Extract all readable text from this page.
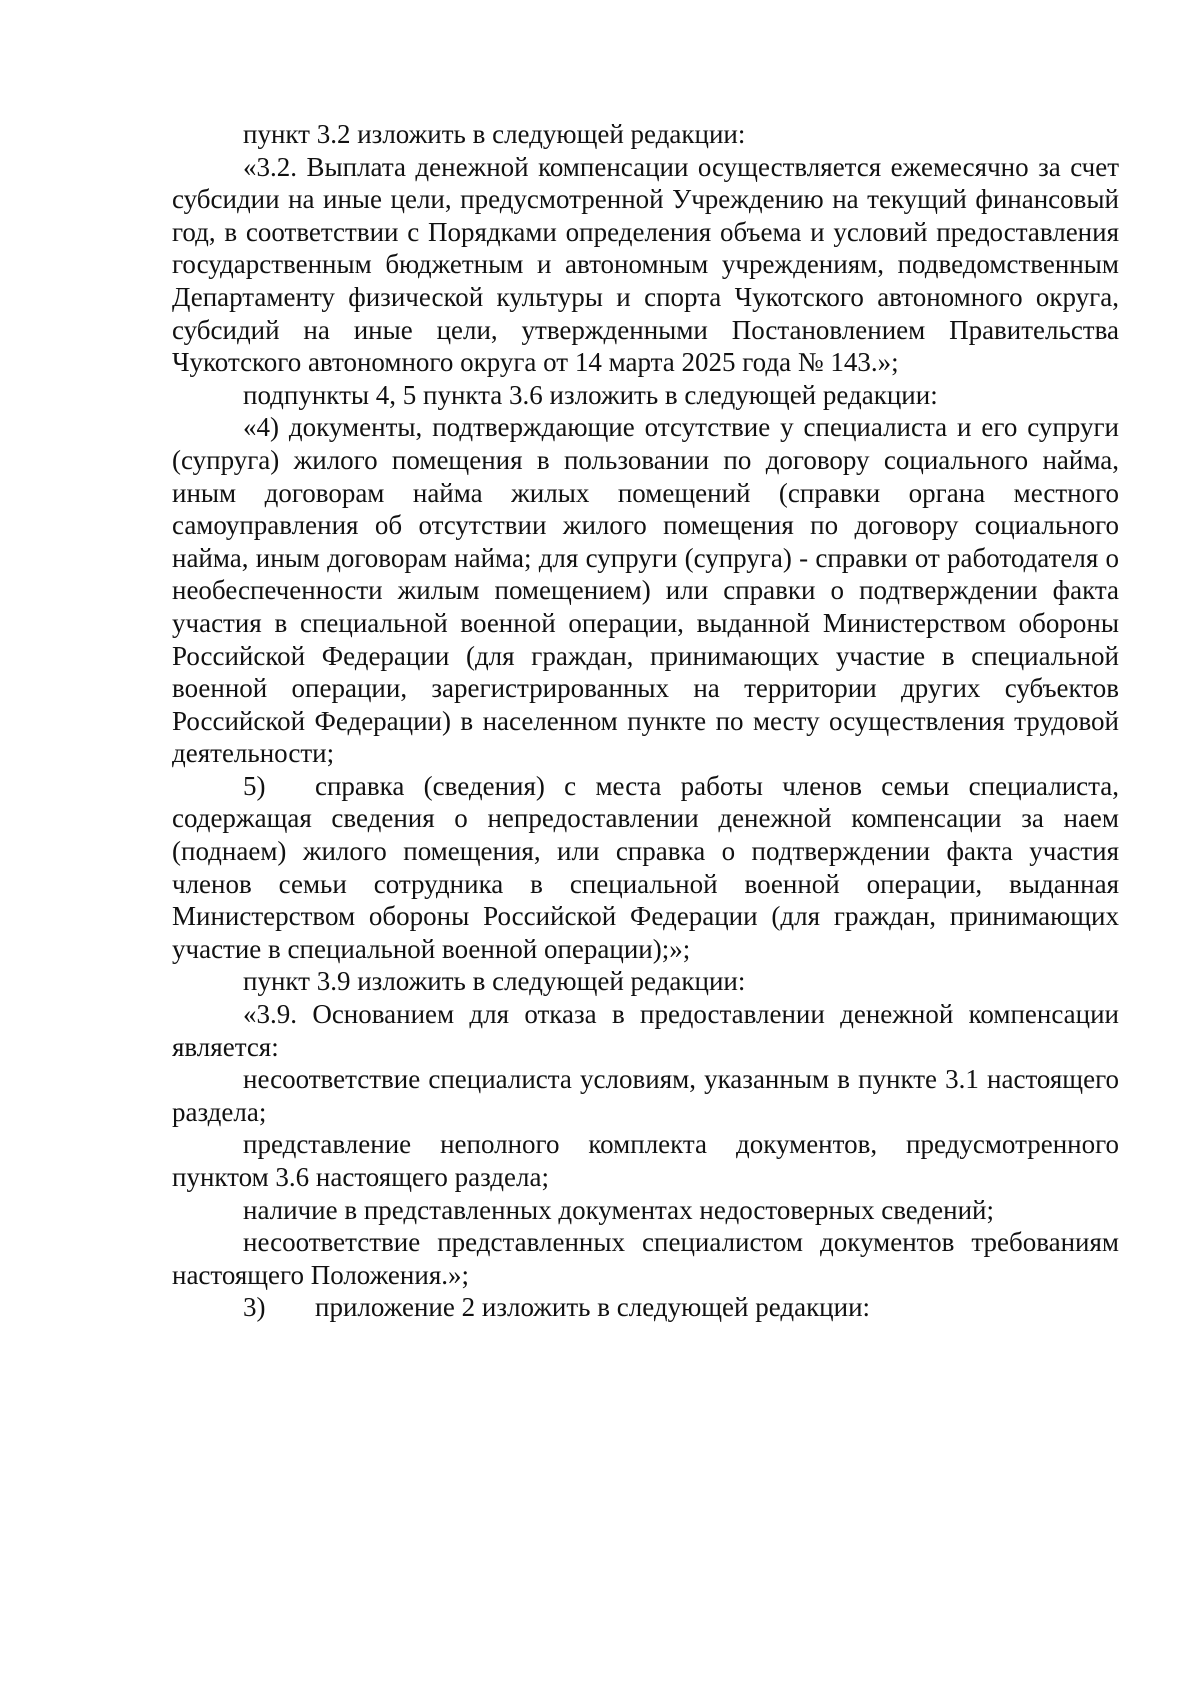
пункт 3.2 изложить в следующей редакции:

«3.2. Выплата денежной компенсации осуществляется ежемесячно за счет субсидии на иные цели, предусмотренной Учреждению на текущий финансовый год, в соответствии с Порядками определения объема и условий предоставления государственным бюджетным и автономным учреждениям, подведомственным Департаменту физической культуры и спорта Чукотского автономного округа, субсидий на иные цели, утвержденными Постановлением Правительства Чукотского автономного округа от 14 марта 2025 года № 143.»;

подпункты 4, 5 пункта 3.6 изложить в следующей редакции:

«4) документы, подтверждающие отсутствие у специалиста и его супруги (супруга) жилого помещения в пользовании по договору социального найма, иным договорам найма жилых помещений (справки органа местного самоуправления об отсутствии жилого помещения по договору социального найма, иным договорам найма; для супруги (супруга) - справки от работодателя о необеспеченности жилым помещением) или справки о подтверждении факта участия в специальной военной операции, выданной Министерством обороны Российской Федерации (для граждан, принимающих участие в специальной военной операции, зарегистрированных на территории других субъектов Российской Федерации) в населенном пункте по месту осуществления трудовой деятельности;

5) справка (сведения) с места работы членов семьи специалиста, содержащая сведения о непредоставлении денежной компенсации за наем (поднаем) жилого помещения, или справка о подтверждении факта участия членов семьи сотрудника в специальной военной операции, выданная Министерством обороны Российской Федерации (для граждан, принимающих участие в специальной военной операции);»;

пункт 3.9 изложить в следующей редакции:

«3.9. Основанием для отказа в предоставлении денежной компенсации является:

несоответствие специалиста условиям, указанным в пункте 3.1 настоящего раздела;

представление неполного комплекта документов, предусмотренного пунктом 3.6 настоящего раздела;

наличие в представленных документах недостоверных сведений;

несоответствие представленных специалистом документов требованиям настоящего Положения.»;

3) приложение 2 изложить в следующей редакции:
